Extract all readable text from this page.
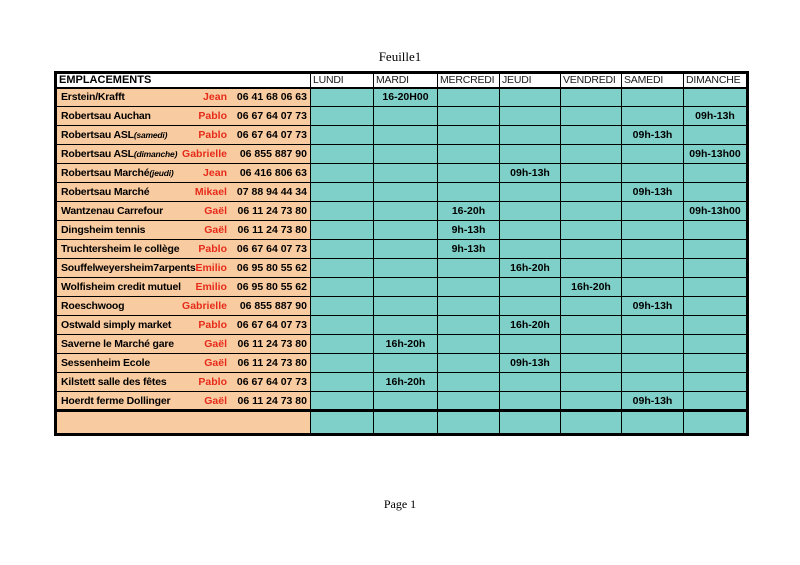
Feuille1
EMPLACEMENTS	LUNDI	MARDI	MERCREDI	JEUDI	VENDREDI	SAMEDI	DIMANCHE

Erstein/Krafft Jean 06 41 68 06 63		16-20H00					

Robertsau Auchan Pablo 06 67 64 07 73							09h-13h

Robertsau ASL(samedi) Pablo 06 67 64 07 73						09h-13h	

Robertsau ASL(dimanche) Gabrielle 06 855 887 90							09h-13h00

Robertsau Marché(jeudi) Jean 06 416 806 63				09h-13h			

Robertsau Marché Mikael 07 88 94 44 34						09h-13h	

Wantzenau Carrefour Gaël 06 11 24 73 80			16-20h				09h-13h00

Dingsheim tennis Gaël 06 11 24 73 80			9h-13h				

Truchtersheim le collège Pablo 06 67 64 07 73			9h-13h				

Souffelweyersheim7arpents Emilio 06 95 80 55 62				16h-20h			

Wolfisheim credit mutuel Emilio 06 95 80 55 62					16h-20h		

Roeschwoog Gabrielle 06 855 887 90						09h-13h	

Ostwald simply market Pablo 06 67 64 07 73				16h-20h			

Saverne le Marché gare Gaël 06 11 24 73 80		16h-20h					

Sessenheim Ecole Gaël 06 11 24 73 80				09h-13h			

Kilstett salle des fêtes Pablo 06 67 64 07 73		16h-20h					

Hoerdt ferme Dollinger Gaël 06 11 24 73 80						09h-13h	

Page 1
